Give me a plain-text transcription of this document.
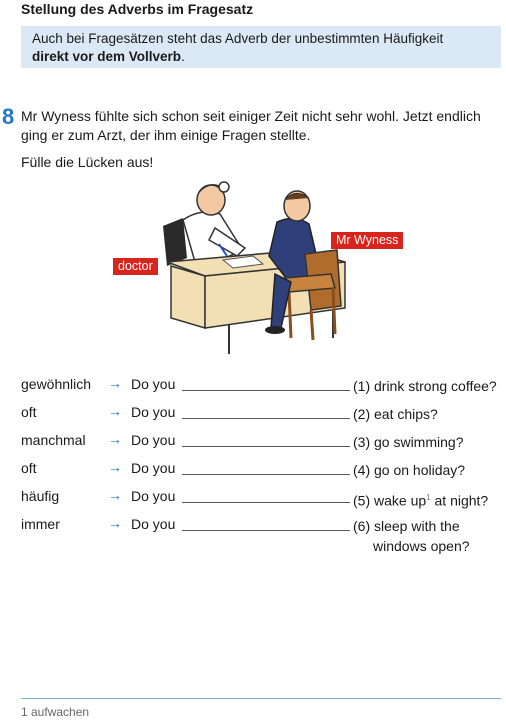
Stellung des Adverbs im Fragesatz
Auch bei Fragesätzen steht das Adverb der unbestimmten Häufigkeit
direkt vor dem Vollverb.
8 Mr Wyness fühlte sich schon seit einiger Zeit nicht sehr wohl. Jetzt endlich ging er zum Arzt, der ihm einige Fragen stellte.
Fülle die Lücken aus!
doctor
Mr Wyness
gewöhnlich → Do you	(1) drink strong coffee?
oft	→ Do you	(2) eat chips?
manchmal → Do you	(3) go swimming?
oft	→ Do you	(4) go on holiday?
häufig	→ Do you	(5) wake $up^1$ at night?
immer	→ Do you	(6) sleep with the
windows open?
1 aufwachen
